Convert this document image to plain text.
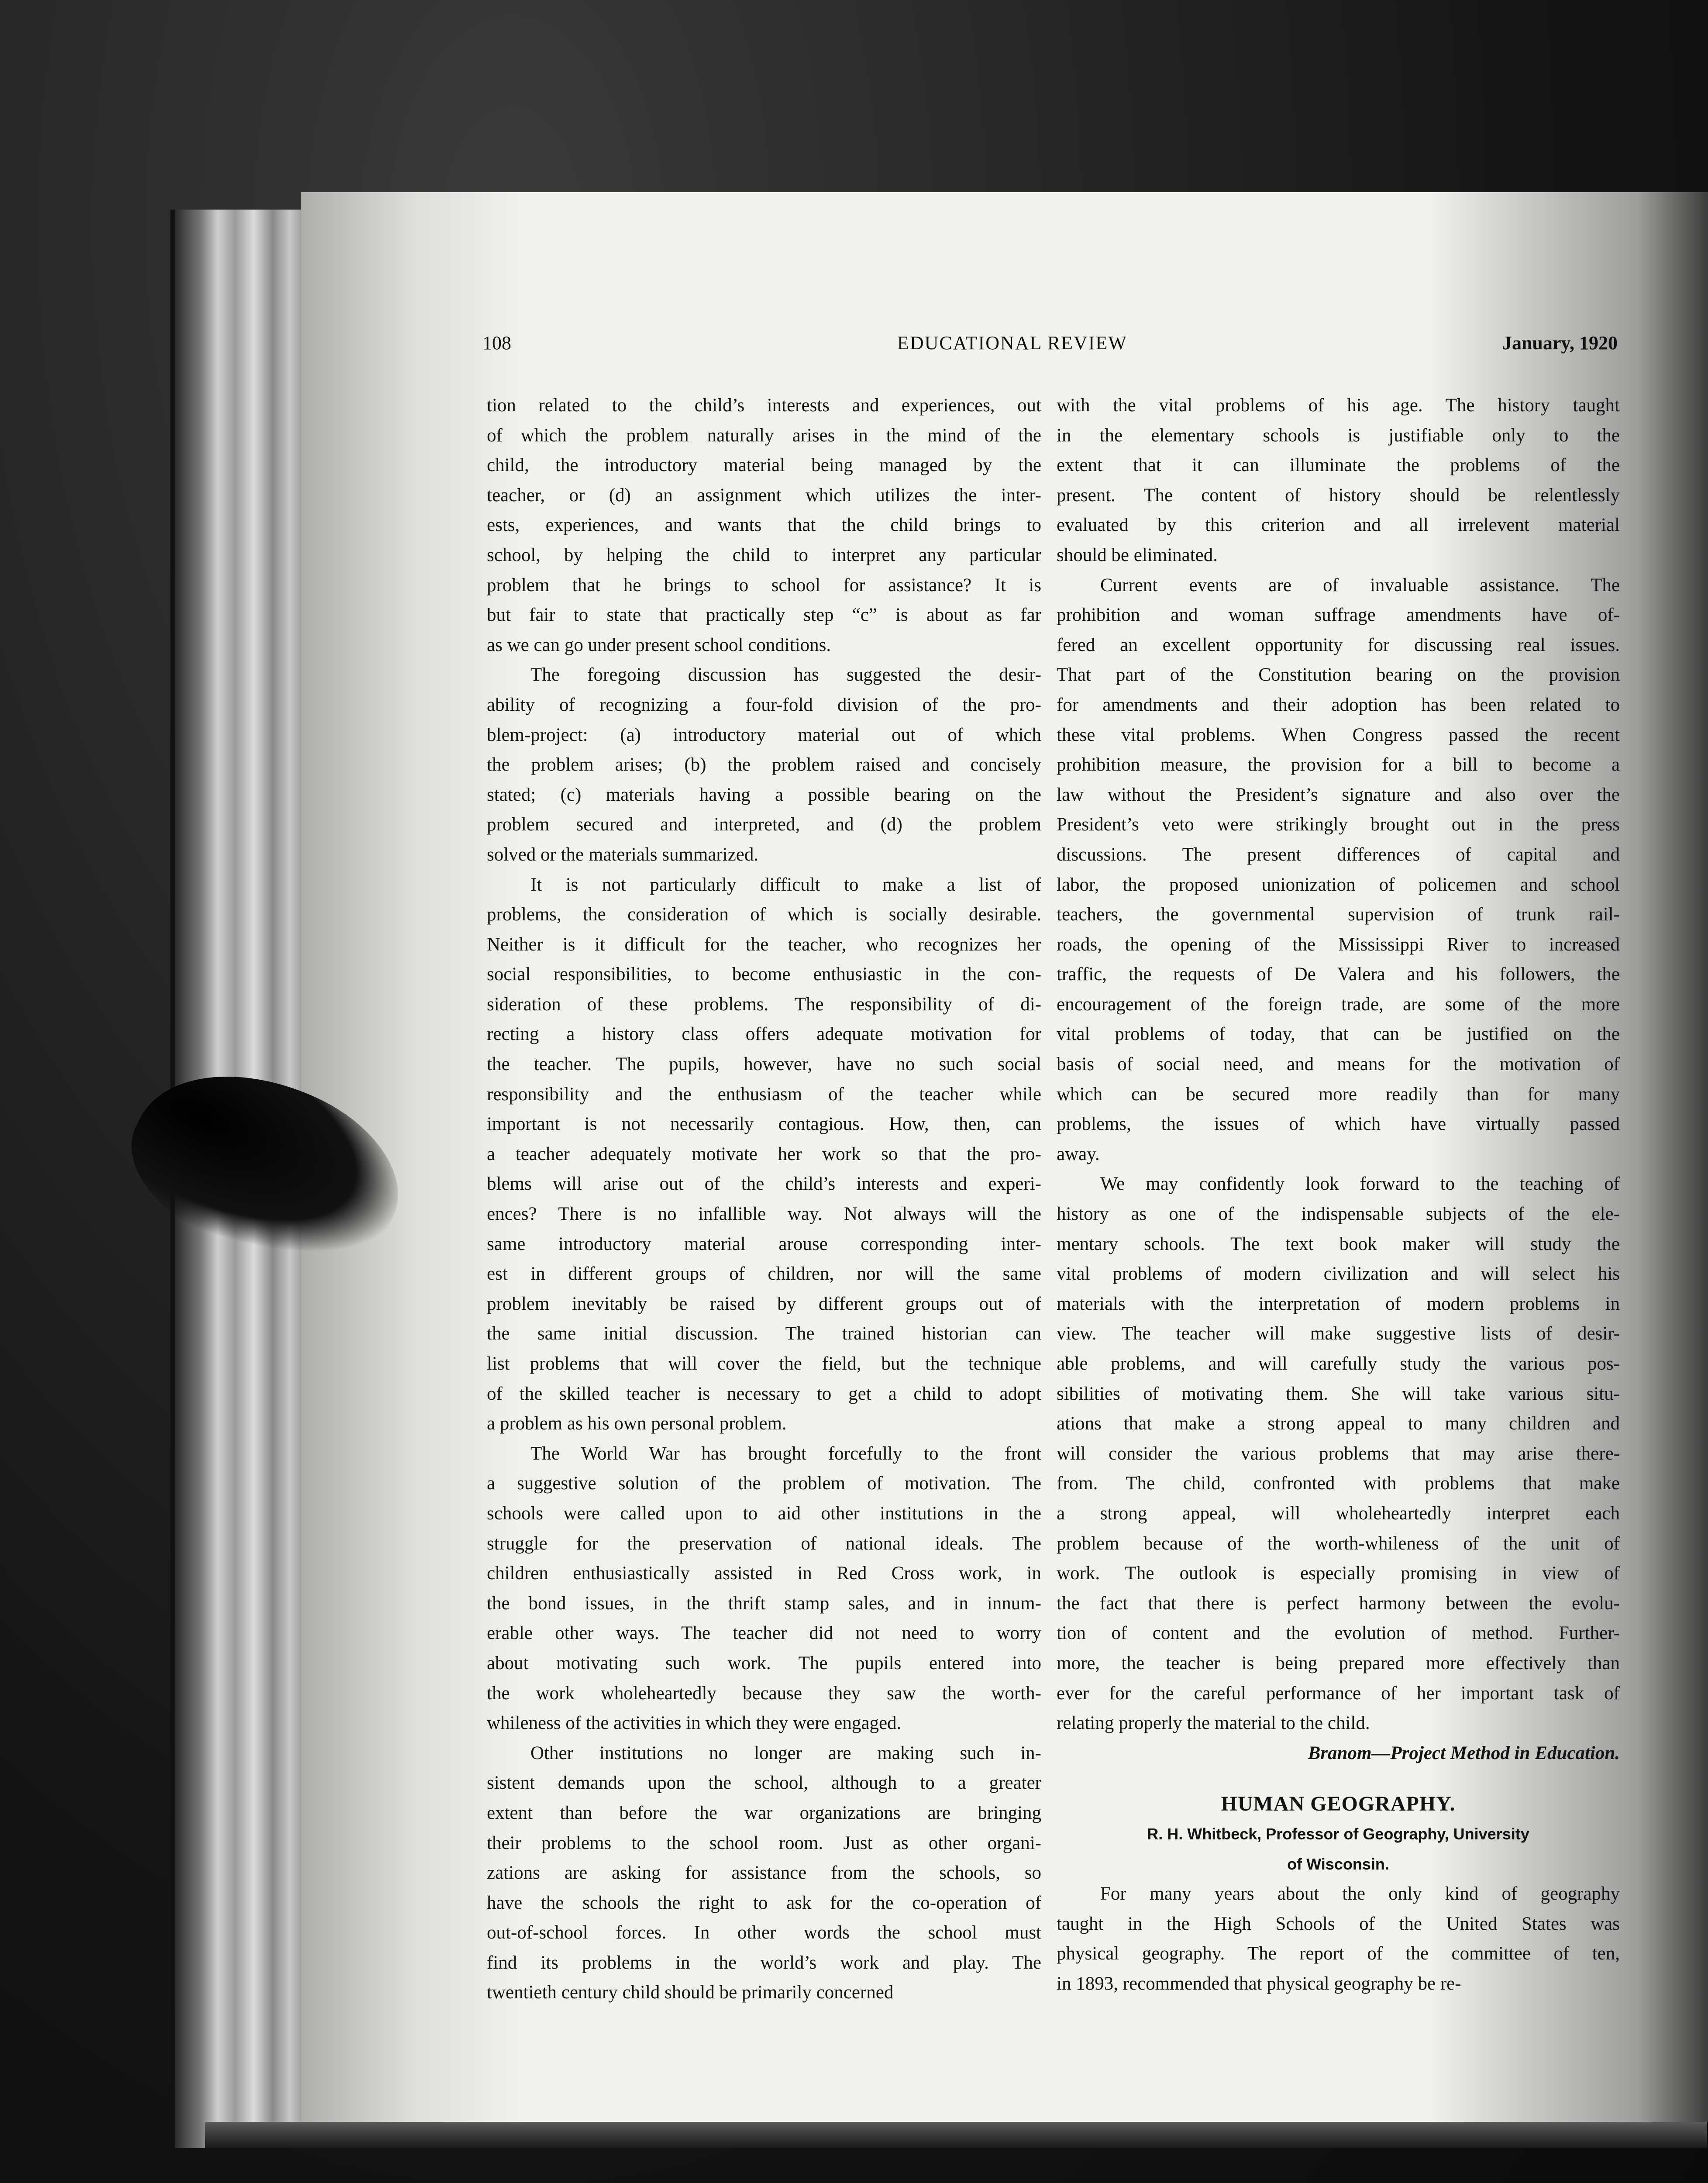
108	EDUCATIONAL REVIEW	January, 1920
tion related to the child’s interests and experiences, out
of which the problem naturally arises in the mind of the
child, the introductory material being managed by the
teacher, or (d) an assignment which utilizes the inter-
ests, experiences, and wants that the child brings to
school, by helping the child to interpret any particular
problem that he brings to school for assistance? It is
but fair to state that practically step “c” is about as far
as we can go under present school conditions.
The foregoing discussion has suggested the desir-
ability of recognizing a four-fold division of the pro-
blem-project: (a) introductory material out of which
the problem arises; (b) the problem raised and concisely
stated; (c) materials having a possible bearing on the
problem secured and interpreted, and (d) the problem
solved or the materials summarized.
It is not particularly difficult to make a list of
problems, the consideration of which is socially desirable.
Neither is it difficult for the teacher, who recognizes her
social responsibilities, to become enthusiastic in the con-
sideration of these problems. The responsibility of di-
recting a history class offers adequate motivation for
the teacher. The pupils, however, have no such social
responsibility and the enthusiasm of the teacher while
important is not necessarily contagious. How, then, can
a teacher adequately motivate her work so that the pro-
blems will arise out of the child’s interests and experi-
ences? There is no infallible way. Not always will the
same introductory material arouse corresponding inter-
est in different groups of children, nor will the same
problem inevitably be raised by different groups out of
the same initial discussion. The trained historian can
list problems that will cover the field, but the technique
of the skilled teacher is necessary to get a child to adopt
a problem as his own personal problem.
The World War has brought forcefully to the front
a suggestive solution of the problem of motivation. The
schools were called upon to aid other institutions in the
struggle for the preservation of national ideals. The
children enthusiastically assisted in Red Cross work, in
the bond issues, in the thrift stamp sales, and in innum-
erable other ways. The teacher did not need to worry
about motivating such work. The pupils entered into
the work wholeheartedly because they saw the worth-
whileness of the activities in which they were engaged.
Other institutions no longer are making such in-
sistent demands upon the school, although to a greater
extent than before the war organizations are bringing
their problems to the school room. Just as other organi-
zations are asking for assistance from the schools, so
have the schools the right to ask for the co-operation of
out-of-school forces. In other words the school must
find its problems in the world’s work and play. The
twentieth century child should be primarily concerned
with the vital problems of his age. The history taught
in the elementary schools is justifiable only to the
extent that it can illuminate the problems of the
present. The content of history should be relentlessly
evaluated by this criterion and all irrelevent material
should be eliminated.
Current events are of invaluable assistance. The
prohibition and woman suffrage amendments have of-
fered an excellent opportunity for discussing real issues.
That part of the Constitution bearing on the provision
for amendments and their adoption has been related to
these vital problems. When Congress passed the recent
prohibition measure, the provision for a bill to become a
law without the President’s signature and also over the
President’s veto were strikingly brought out in the press
discussions. The present differences of capital and
labor, the proposed unionization of policemen and school
teachers, the governmental supervision of trunk rail-
roads, the opening of the Mississippi River to increased
traffic, the requests of De Valera and his followers, the
encouragement of the foreign trade, are some of the more
vital problems of today, that can be justified on the
basis of social need, and means for the motivation of
which can be secured more readily than for many
problems, the issues of which have virtually passed
away.
We may confidently look forward to the teaching of
history as one of the indispensable subjects of the ele-
mentary schools. The text book maker will study the
vital problems of modern civilization and will select his
materials with the interpretation of modern problems in
view. The teacher will make suggestive lists of desir-
able problems, and will carefully study the various pos-
sibilities of motivating them. She will take various situ-
ations that make a strong appeal to many children and
will consider the various problems that may arise there-
from. The child, confronted with problems that make
a strong appeal, will wholeheartedly interpret each
problem because of the worth-whileness of the unit of
work. The outlook is especially promising in view of
the fact that there is perfect harmony between the evolu-
tion of content and the evolution of method. Further-
more, the teacher is being prepared more effectively than
ever for the careful performance of her important task of
relating properly the material to the child.
Branom—Project Method in Education.
HUMAN GEOGRAPHY.
R. H. Whitbeck, Professor of Geography, University
of Wisconsin.
For many years about the only kind of geography
taught in the High Schools of the United States was
physical geography. The report of the committee of ten,
in 1893, recommended that physical geography be re-
